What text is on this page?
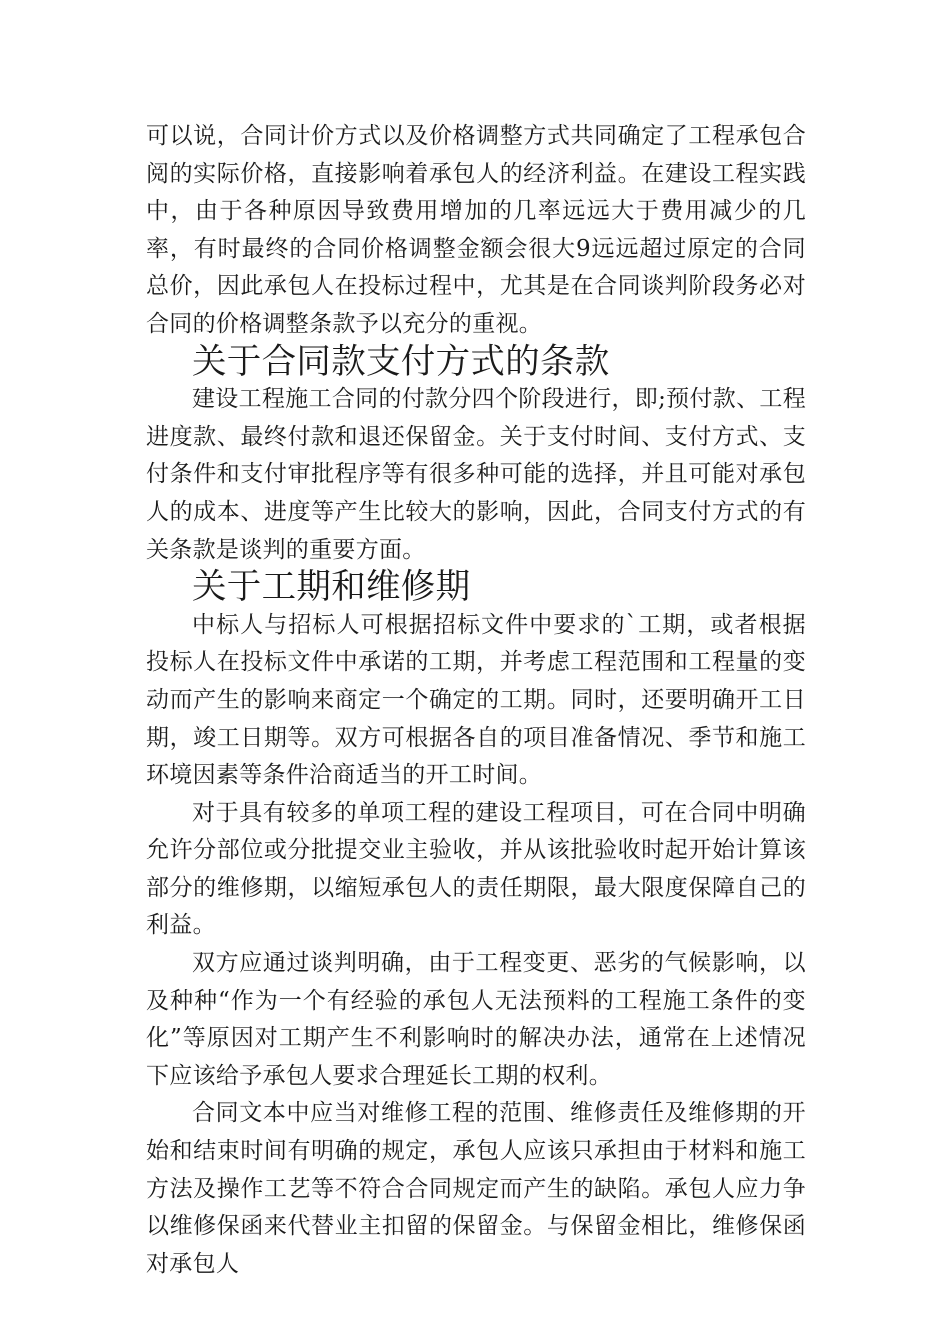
可以说，合同计价方式以及价格调整方式共同确定了工程承包合阅的实际价格，直接影响着承包人的经济利益。在建设工程实践中，由于各种原因导致费用增加的几率远远大于费用减少的几率，有时最终的合同价格调整金额会很大9远远超过原定的合同总价，因此承包人在投标过程中，尤其是在合同谈判阶段务必对合同的价格调整条款予以充分的重视。

关于合同款支付方式的条款

建设工程施工合同的付款分四个阶段进行，即;预付款、工程进度款、最终付款和退还保留金。关于支付时间、支付方式、支付条件和支付审批程序等有很多种可能的选择，并且可能对承包人的成本、进度等产生比较大的影响，因此，合同支付方式的有关条款是谈判的重要方面。

关于工期和维修期

中标人与招标人可根据招标文件中要求的`工期，或者根据投标人在投标文件中承诺的工期，并考虑工程范围和工程量的变动而产生的影响来商定一个确定的工期。同时，还要明确开工日期，竣工日期等。双方可根据各自的项目准备情况、季节和施工环境因素等条件洽商适当的开工时间。

对于具有较多的单项工程的建设工程项目，可在合同中明确允许分部位或分批提交业主验收，并从该批验收时起开始计算该部分的维修期，以缩短承包人的责任期限，最大限度保障自己的利益。

双方应通过谈判明确，由于工程变更、恶劣的气候影响，以及种种“作为一个有经验的承包人无法预料的工程施工条件的变化”等原因对工期产生不利影响时的解决办法，通常在上述情况下应该给予承包人要求合理延长工期的权利。

合同文本中应当对维修工程的范围、维修责任及维修期的开始和结束时间有明确的规定，承包人应该只承担由于材料和施工方法及操作工艺等不符合合同规定而产生的缺陷。承包人应力争以维修保函来代替业主扣留的保留金。与保留金相比，维修保函对承包人
